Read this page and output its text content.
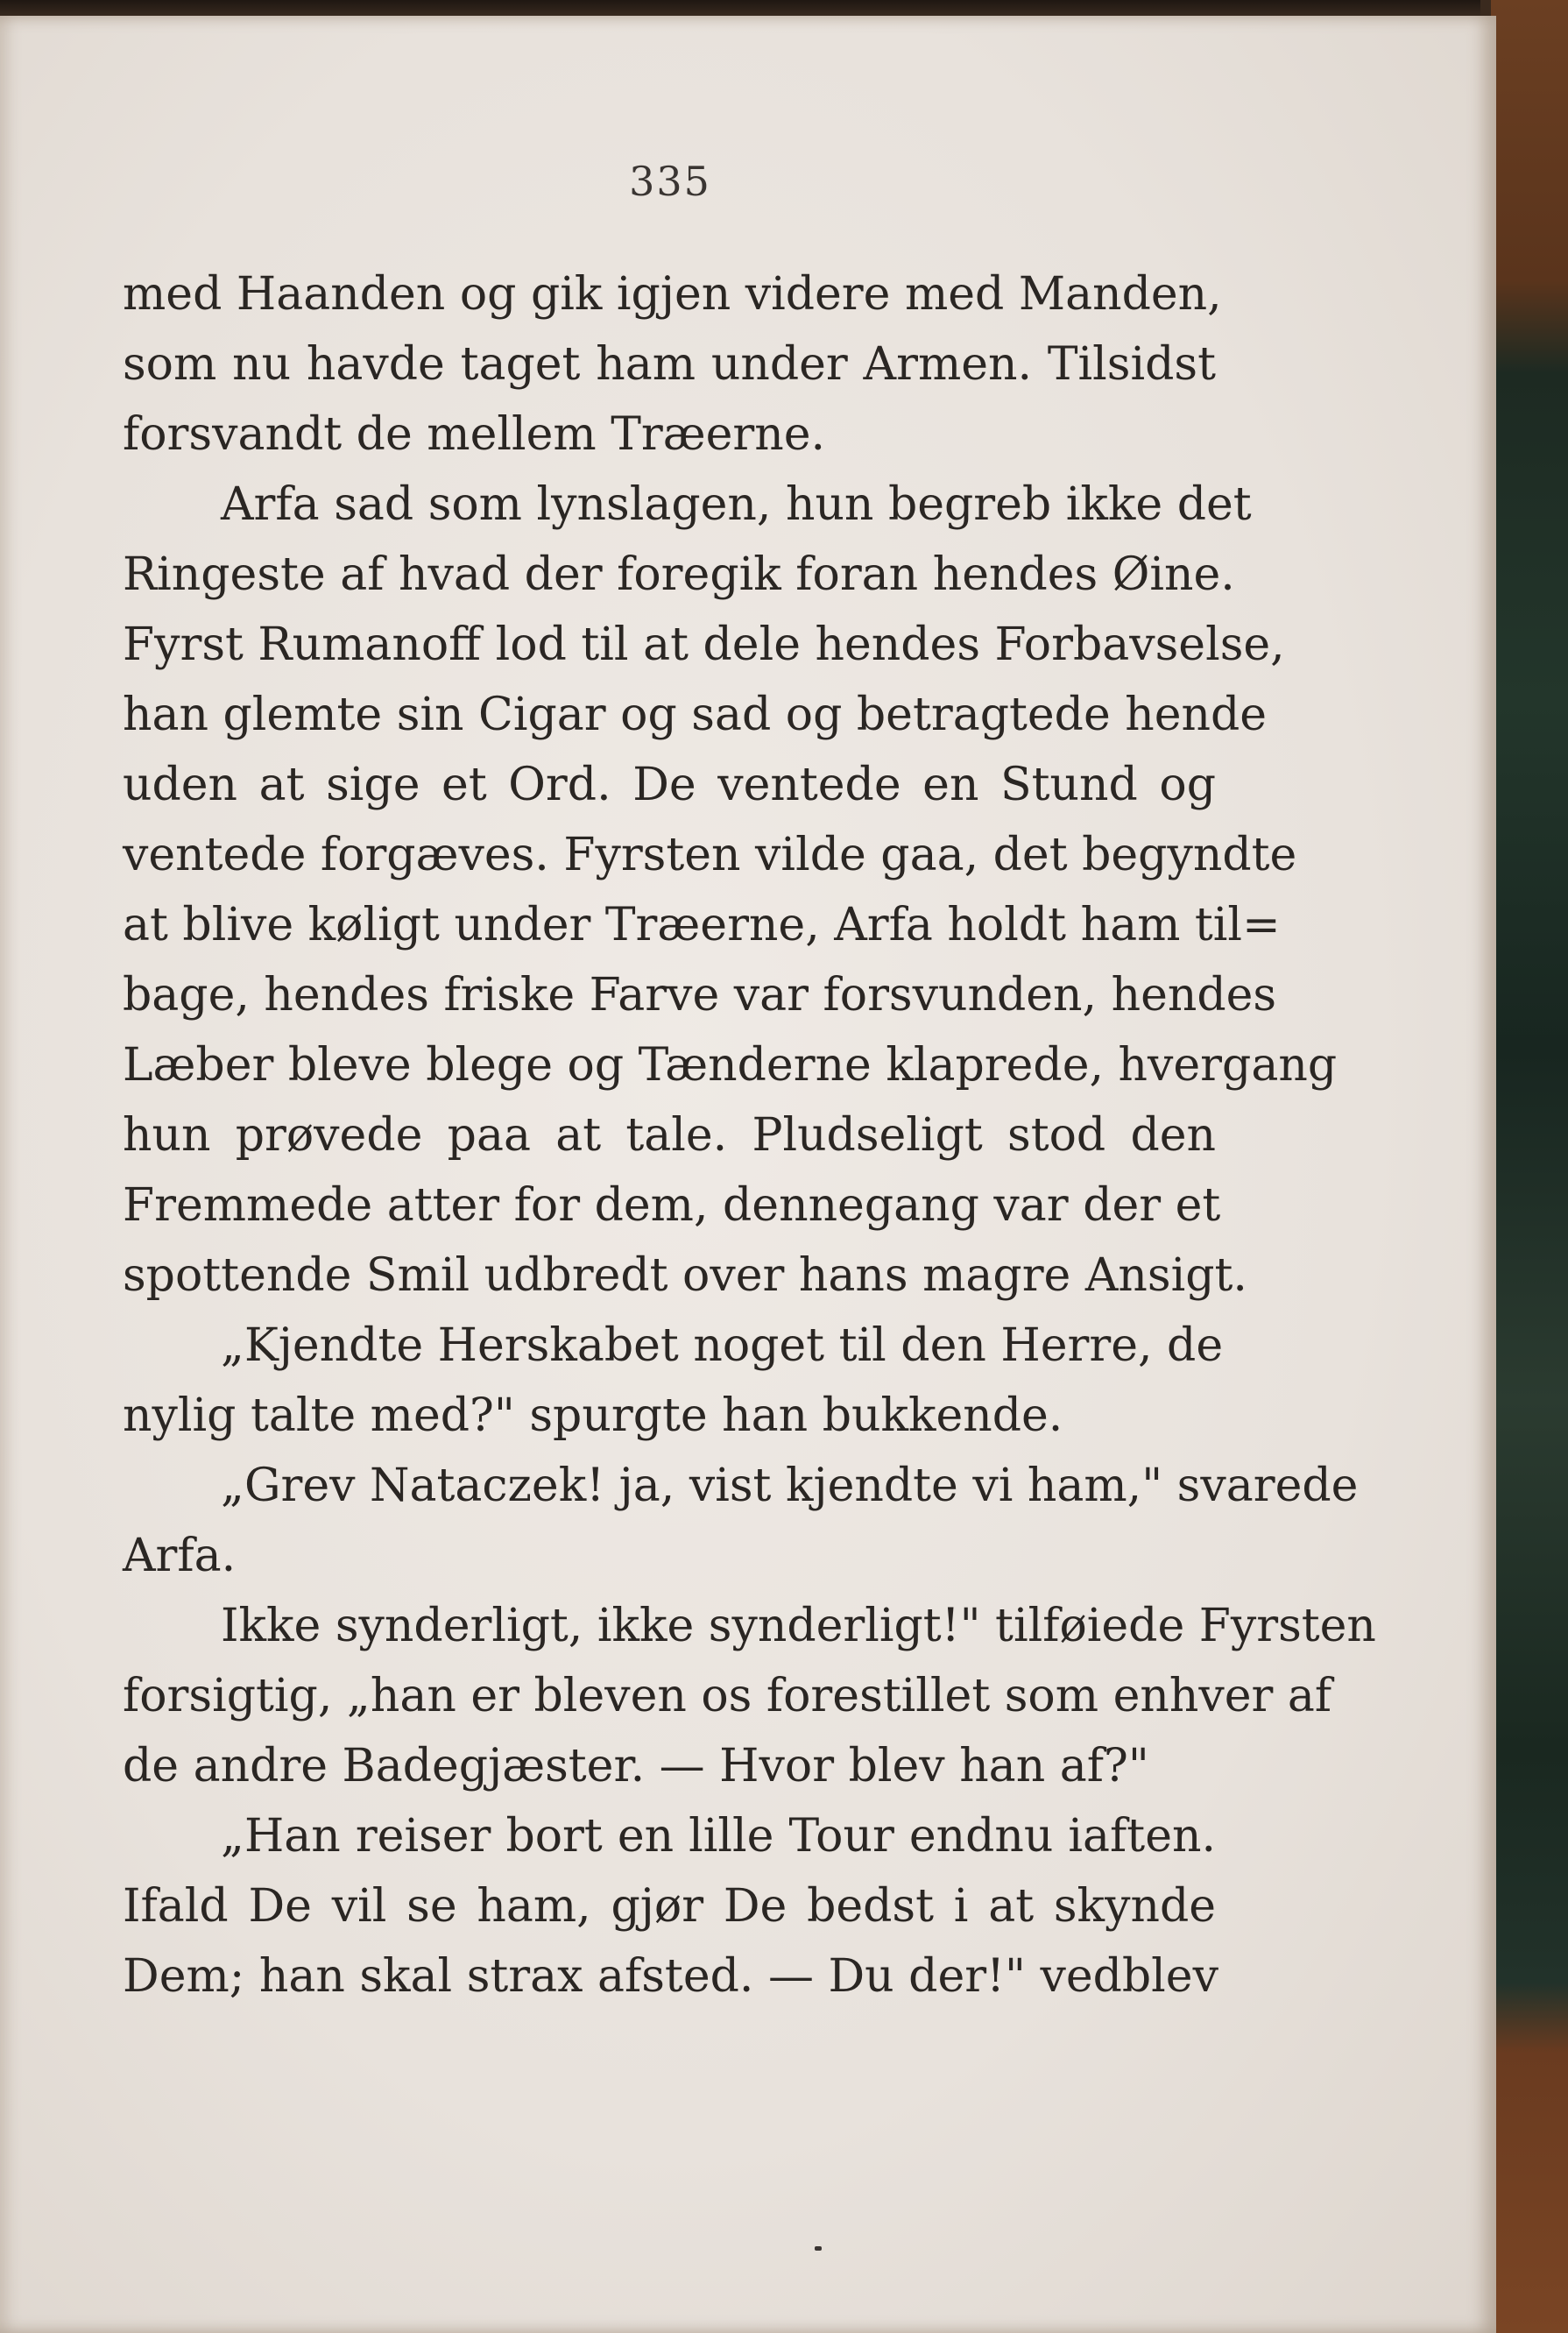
335
med Haanden og gik igjen videre med Manden,
som nu havde taget ham under Armen. Tilsidst
forsvandt de mellem Træerne.
Arfa sad som lynslagen, hun begreb ikke det
Ringeste af hvad der foregik foran hendes Øine.
Fyrst Rumanoff lod til at dele hendes Forbavselse,
han glemte sin Cigar og sad og betragtede hende
uden at sige et Ord. De ventede en Stund og
ventede forgæves. Fyrsten vilde gaa, det begyndte
at blive køligt under Træerne, Arfa holdt ham til=
bage, hendes friske Farve var forsvunden, hendes
Læber bleve blege og Tænderne klaprede, hvergang
hun prøvede paa at tale. Pludseligt stod den
Fremmede atter for dem, dennegang var der et
spottende Smil udbredt over hans magre Ansigt.
„Kjendte Herskabet noget til den Herre, de
nylig talte med?" spurgte han bukkende.
„Grev Nataczek! ja, vist kjendte vi ham," svarede
Arfa.
Ikke synderligt, ikke synderligt!" tilføiede Fyrsten
forsigtig, „han er bleven os forestillet som enhver af
de andre Badegjæster. — Hvor blev han af?"
„Han reiser bort en lille Tour endnu iaften.
Ifald De vil se ham, gjør De bedst i at skynde
Dem; han skal strax afsted. — Du der!" vedblev
